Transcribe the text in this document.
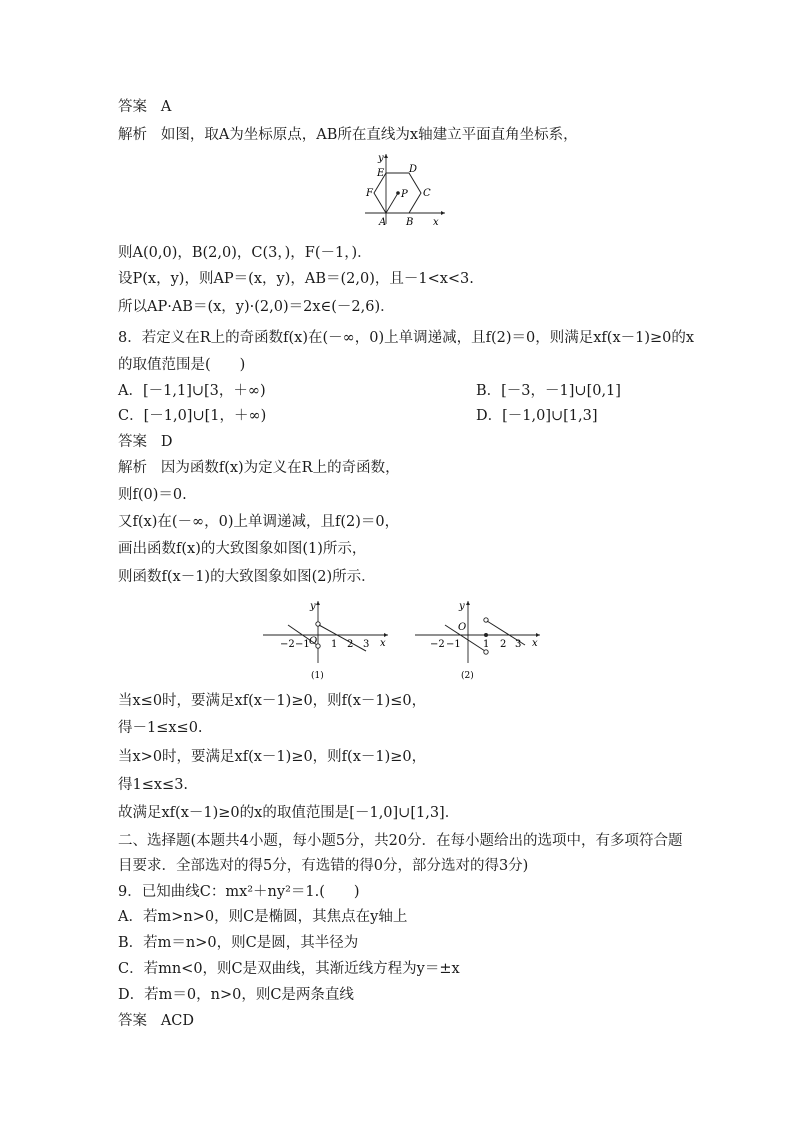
答案 A
解析 如图，取A为坐标原点，AB所在直线为x轴建立平面直角坐标系，
y
E D
F	P C
A B x
则A(0,0)，B(2,0)，C(3，)，F(－1，)．
设P(x，y)，则AP＝(x，y)，AB＝(2,0)，且－1<x<3.
所以AP·AB＝(x，y)·(2,0)＝2x∈(－2,6)．
8．若定义在R上的奇函数f(x)在(－∞，0)上单调递减，且f(2)＝0，则满足xf(x－1)≥0的x
的取值范围是(　　)
A．[－1,1]∪[3，＋∞)	B．[－3，－1]∪[0,1]
C．[－1,0]∪[1，＋∞)	D．[－1,0]∪[1,3]
答案 D
解析 因为函数f(x)为定义在R上的奇函数，
则f(0)＝0.
又f(x)在(－∞，0)上单调递减，且f(2)＝0，
画出函数f(x)的大致图象如图(1)所示，
则函数f(x－1)的大致图象如图(2)所示．
y
O	x
−2 −1 1 2 3
(1)
y
O
x
−2 −1 1 2 3
(2)
当x≤0时，要满足xf(x－1)≥0，则f(x－1)≤0，
得－1≤x≤0.
当x>0时，要满足xf(x－1)≥0，则f(x－1)≥0，
得1≤x≤3.
故满足xf(x－1)≥0的x的取值范围是[－1,0]∪[1,3]．
二、选择题(本题共4小题，每小题5分，共20分．在每小题给出的选项中，有多项符合题
目要求．全部选对的得5分，有选错的得0分，部分选对的得3分)
9．已知曲线C：mx²＋ny²＝1.(　　)
A．若m>n>0，则C是椭圆，其焦点在y轴上
B．若m＝n>0，则C是圆，其半径为
C．若mn<0，则C是双曲线，其渐近线方程为y＝±x
D．若m＝0，n>0，则C是两条直线
答案 ACD
